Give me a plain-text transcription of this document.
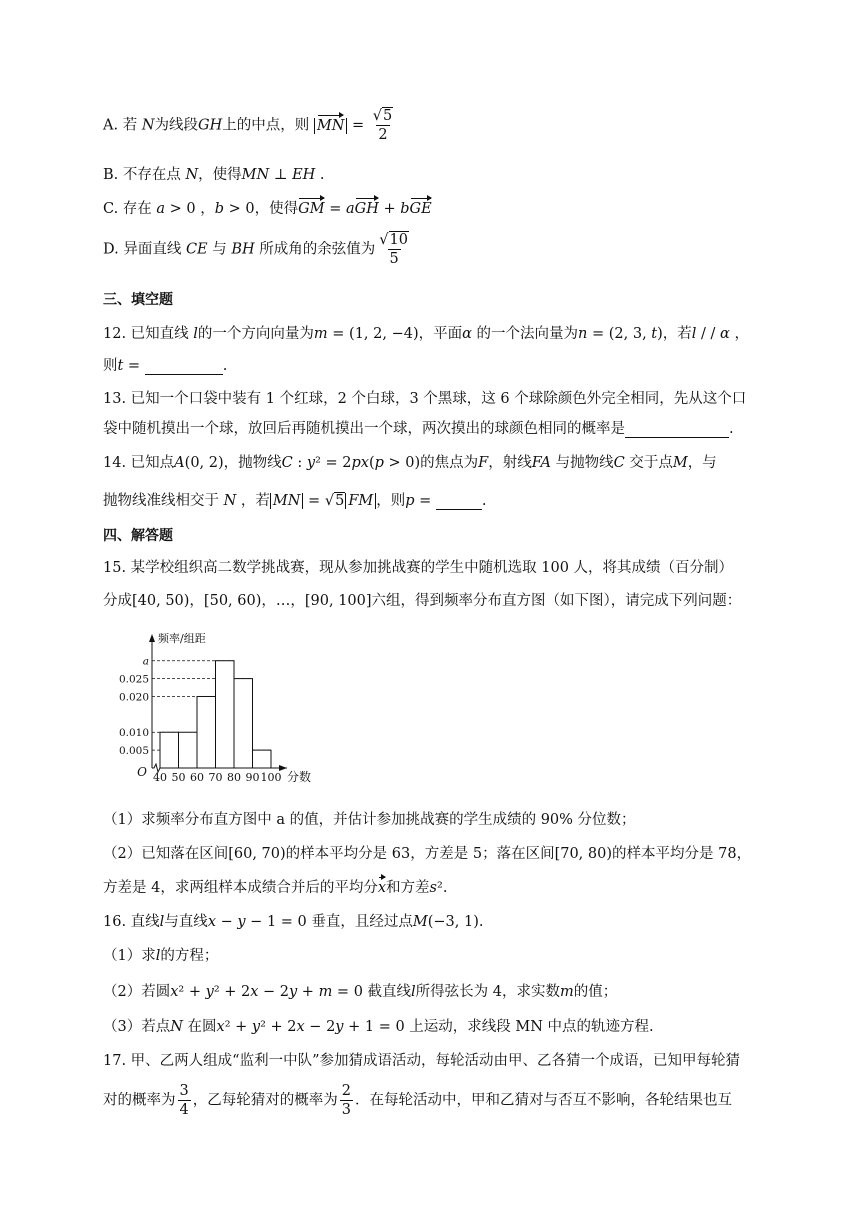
A. 若 N为线段GH上的中点，则 MN = $\frac{√5}{2}$
B. 不存在点 N，使得MN ⊥ EH .
C. 存在 a > 0 ，b > 0，使得GM = aGH + bGE
D. 异面直线 CE 与 BH 所成角的余弦值为 $\frac{√10}{5}$
三、填空题
12. 已知直线 l的一个方向向量为m = (1, 2, −4)，平面α 的一个法向量为n = (2, 3, t)，若l / / α ，
则t =	.
13. 已知一个口袋中装有 1 个红球，2 个白球，3 个黑球，这 6 个球除颜色外完全相同，先从这个口
袋中随机摸出一个球，放回后再随机摸出一个球，两次摸出的球颜色相同的概率是	.
14. 已知点A(0, 2)，抛物线C : y² = 2px(p > 0)的焦点为F，射线FA 与抛物线C 交于点M，与
抛物线准线相交于 N ，若 MN = √5 FM ，则p =	.
四、解答题
15. 某学校组织高二数学挑战赛，现从参加挑战赛的学生中随机选取 100 人，将其成绩（百分制）
分成[40, 50)，[50, 60)，…，[90, 100]六组，得到频率分布直方图（如下图），请完成下列问题：
频率/组距
分数
O
0.005
0.010
0.020
0.025
a
40 50 60 70 80 90 100
（1）求频率分布直方图中 a 的值，并估计参加挑战赛的学生成绩的 90% 分位数；
（2）已知落在区间[60, 70)的样本平均分是 63，方差是 5；落在区间[70, 80)的样本平均分是 78，
方差是 4，求两组样本成绩合并后的平均分x和方差s².
16. 直线l与直线x − y − 1 = 0 垂直，且经过点M(−3, 1).
（1）求l的方程；
（2）若圆x² + y² + 2x − 2y + m = 0 截直线l所得弦长为 4，求实数m的值；
（3）若点N 在圆x² + y² + 2x − 2y + 1 = 0 上运动，求线段 MN 中点的轨迹方程.
17. 甲、乙两人组成“监利一中队”参加猜成语活动，每轮活动由甲、乙各猜一个成语，已知甲每轮猜
对的概率为 $\frac{3}{4}$ ，乙每轮猜对的概率为 $\frac{2}{3}$ ．在每轮活动中，甲和乙猜对与否互不影响，各轮结果也互
